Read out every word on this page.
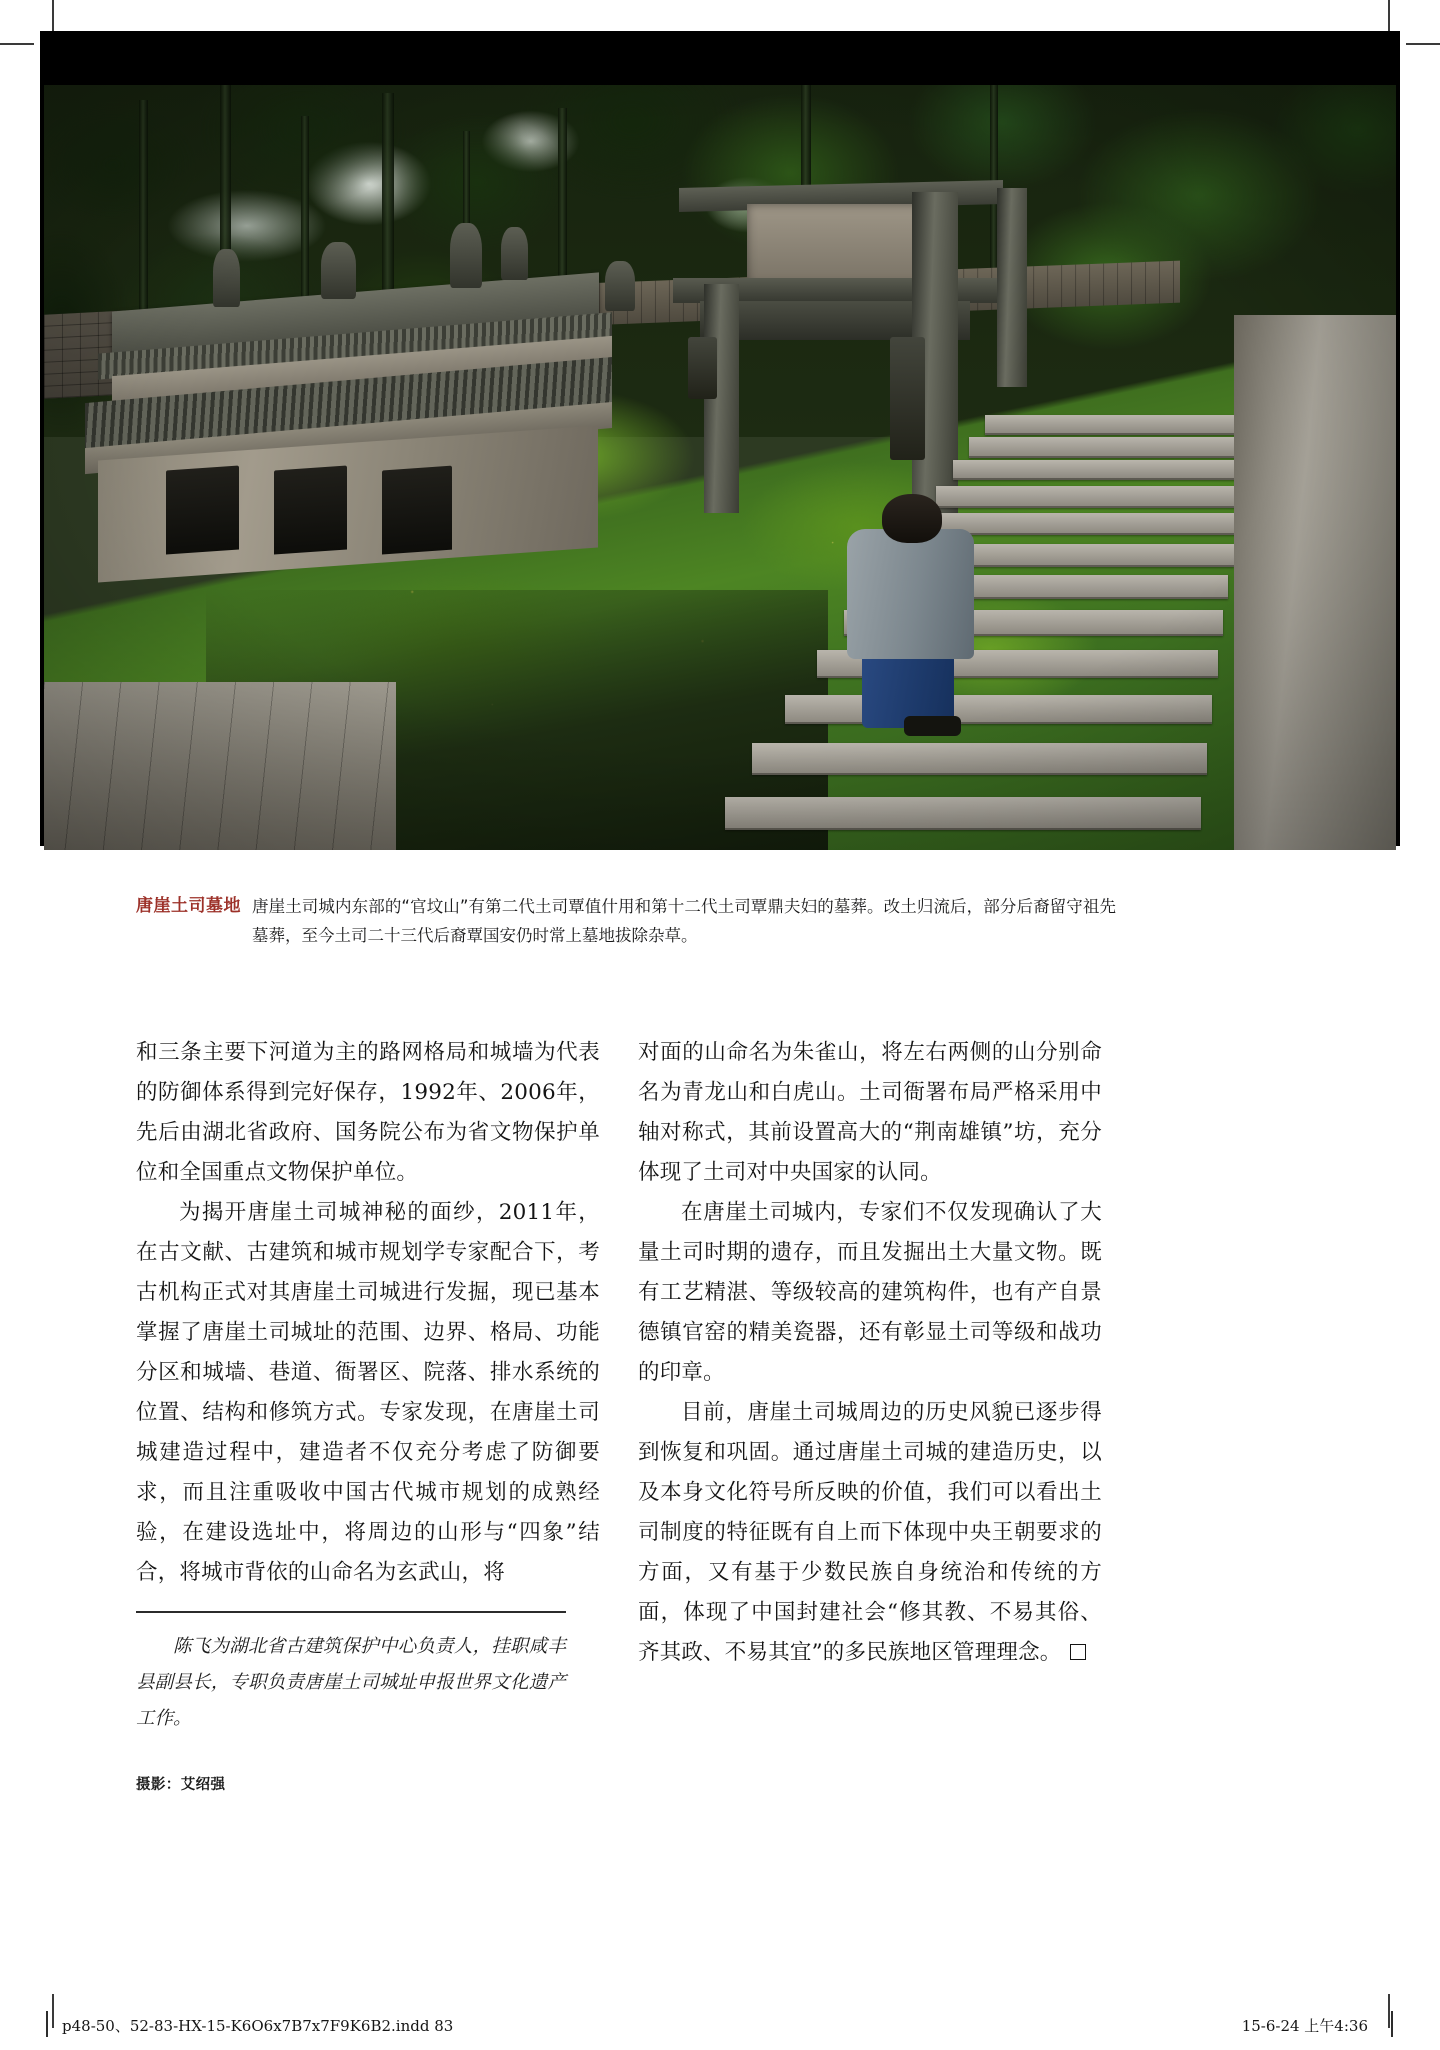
唐崖土司墓地 唐崖土司城内东部的“官坟山”有第二代土司覃值什用和第十二代土司覃鼎夫妇的墓葬。改土归流后，部分后裔留守祖先墓葬，至今土司二十三代后裔覃国安仍时常上墓地拔除杂草。

和三条主要下河道为主的路网格局和城墙为代表的防御体系得到完好保存，1992年、2006年，先后由湖北省政府、国务院公布为省文物保护单位和全国重点文物保护单位。

为揭开唐崖土司城神秘的面纱，2011年，在古文献、古建筑和城市规划学专家配合下，考古机构正式对其唐崖土司城进行发掘，现已基本掌握了唐崖土司城址的范围、边界、格局、功能分区和城墙、巷道、衙署区、院落、排水系统的位置、结构和修筑方式。专家发现，在唐崖土司城建造过程中，建造者不仅充分考虑了防御要求，而且注重吸收中国古代城市规划的成熟经验，在建设选址中，将周边的山形与“四象”结合，将城市背依的山命名为玄武山，将

陈飞为湖北省古建筑保护中心负责人，挂职咸丰县副县长，专职负责唐崖土司城址申报世界文化遗产工作。
摄影：艾绍强

对面的山命名为朱雀山，将左右两侧的山分别命名为青龙山和白虎山。土司衙署布局严格采用中轴对称式，其前设置高大的“荆南雄镇”坊，充分体现了土司对中央国家的认同。

在唐崖土司城内，专家们不仅发现确认了大量土司时期的遗存，而且发掘出土大量文物。既有工艺精湛、等级较高的建筑构件，也有产自景德镇官窑的精美瓷器，还有彰显土司等级和战功的印章。

目前，唐崖土司城周边的历史风貌已逐步得到恢复和巩固。通过唐崖土司城的建造历史，以及本身文化符号所反映的价值，我们可以看出土司制度的特征既有自上而下体现中央王朝要求的方面，又有基于少数民族自身统治和传统的方面，体现了中国封建社会“修其教、不易其俗、齐其政、不易其宜”的多民族地区管理理念。

p48-50、52-83-HX-15-K6O6x7B7x7F9K6B2.indd 83	15-6-24 上午4:36
